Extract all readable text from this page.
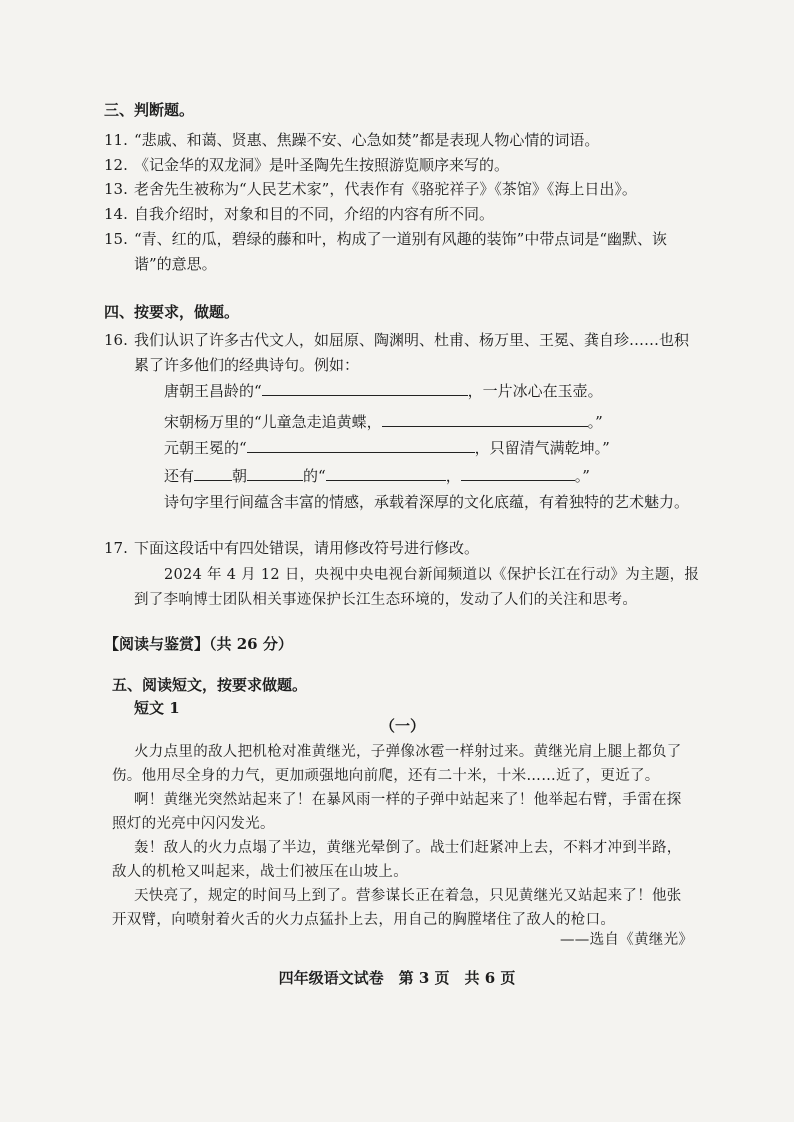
三、判断题。
11. “悲戚、和蔼、贤惠、焦躁不安、心急如焚”都是表现人物心情的词语。
12. 《记金华的双龙洞》是叶圣陶先生按照游览顺序来写的。
13. 老舍先生被称为“人民艺术家”，代表作有《骆驼祥子》《茶馆》《海上日出》。
14. 自我介绍时，对象和目的不同，介绍的内容有所不同。
15. “青、红的瓜，碧绿的藤和叶，构成了一道别有风趣的装饰”中带点词是“幽默、诙
谐”的意思。
四、按要求，做题。
16. 我们认识了许多古代文人，如屈原、陶渊明、杜甫、杨万里、王冕、龚自珍……也积
累了许多他们的经典诗句。例如：
唐朝王昌龄的“	，一片冰心在玉壶。
宋朝杨万里的“儿童急走追黄蝶，	。”
元朝王冕的“	，只留清气满乾坤。”
还有	朝	的“	，	。”
诗句字里行间蕴含丰富的情感，承载着深厚的文化底蕴，有着独特的艺术魅力。
17. 下面这段话中有四处错误，请用修改符号进行修改。
2024 年 4 月 12 日，央视中央电视台新闻频道以《保护长江在行动》为主题，报
到了李响博士团队相关事迹保护长江生态环境的，发动了人们的关注和思考。
【阅读与鉴赏】（共 26 分）
五、阅读短文，按要求做题。
短文 1
（一）
火力点里的敌人把机枪对准黄继光，子弹像冰雹一样射过来。黄继光肩上腿上都负了
伤。他用尽全身的力气，更加顽强地向前爬，还有二十米，十米……近了，更近了。
啊！黄继光突然站起来了！在暴风雨一样的子弹中站起来了！他举起右臂，手雷在探
照灯的光亮中闪闪发光。
轰！敌人的火力点塌了半边，黄继光晕倒了。战士们赶紧冲上去，不料才冲到半路，
敌人的机枪又叫起来，战士们被压在山坡上。
天快亮了，规定的时间马上到了。营参谋长正在着急，只见黄继光又站起来了！他张
开双臂，向喷射着火舌的火力点猛扑上去，用自己的胸膛堵住了敌人的枪口。
——选自《黄继光》
四年级语文试卷　第 3 页　共 6 页
